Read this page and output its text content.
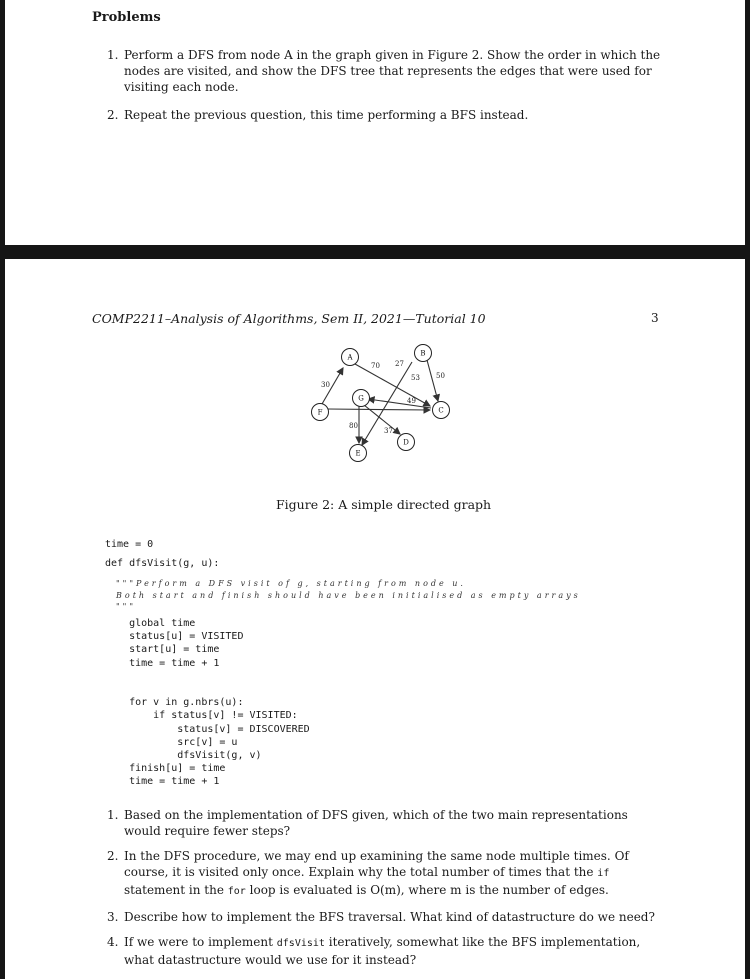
Problems
1. Perform a DFS from node A in the graph given in Figure 2. Show the order in which the nodes are visited, and show the DFS tree that represents the edges that were used for visiting each node.
2. Repeat the previous question, this time performing a BFS instead.
COMP2211–Analysis of Algorithms, Sem II, 2021—Tutorial 10	3
70 27
53 50
30
49
80
37
A	B
C
D
E
F
G
Figure 2: A simple directed graph
time = 0
def dfsVisit(g, u):
"""Perform a DFS visit of g, starting from node u.
Both start and finish should have been initialised as empty arrays
"""
global time
status[u] = VISITED
start[u] = time
time = time + 1

for v in g.nbrs(u):
if status[v] != VISITED:
status[v] = DISCOVERED
src[v] = u
dfsVisit(g, v)
finish[u] = time
time = time + 1
1. Based on the implementation of DFS given, which of the two main representations would require fewer steps?
2. In the DFS procedure, we may end up examining the same node multiple times. Of course, it is visited only once. Explain why the total number of times that the if statement in the for loop is evaluated is O(m), where m is the number of edges.
3. Describe how to implement the BFS traversal. What kind of datastructure do we need?
4. If we were to implement dfsVisit iteratively, somewhat like the BFS implementation, what datastructure would we use for it instead?
